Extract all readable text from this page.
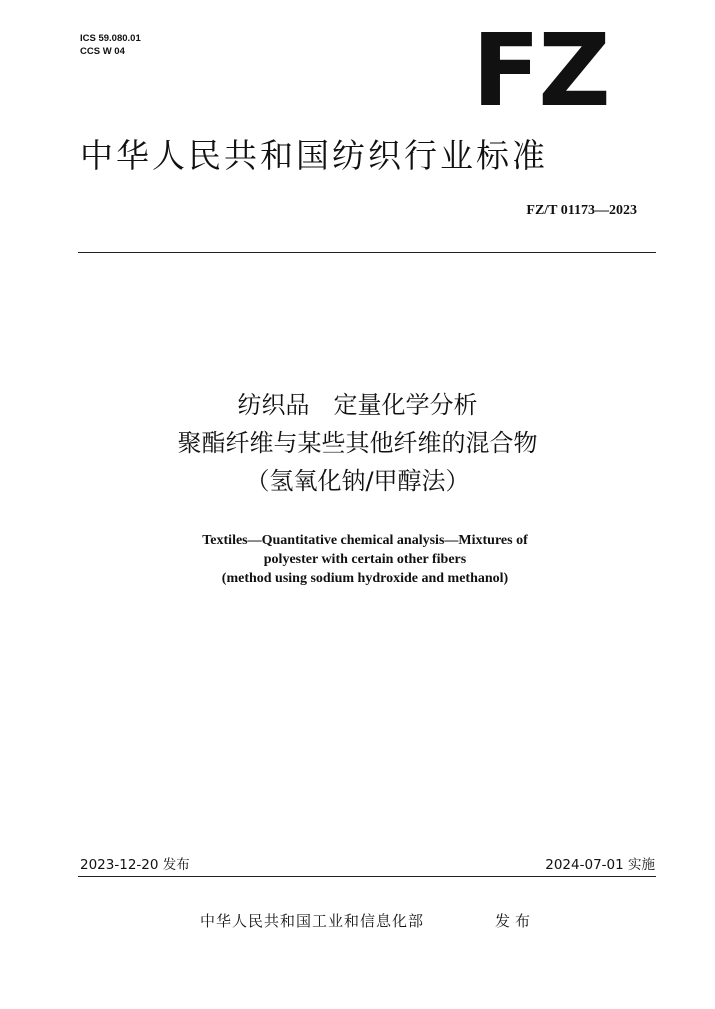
ICS 59.080.01
CCS W 04	FZ
中华人民共和国纺织行业标准
FZ/T 01173—2023
纺织品　定量化学分析
聚酯纤维与某些其他纤维的混合物
（氢氧化钠/甲醇法）
Textiles—Quantitative chemical analysis—Mixtures of
polyester with certain other fibers
(method using sodium hydroxide and methanol)
2023-12-20 发布	2024-07-01 实施
中华人民共和国工业和信息化部	发布
